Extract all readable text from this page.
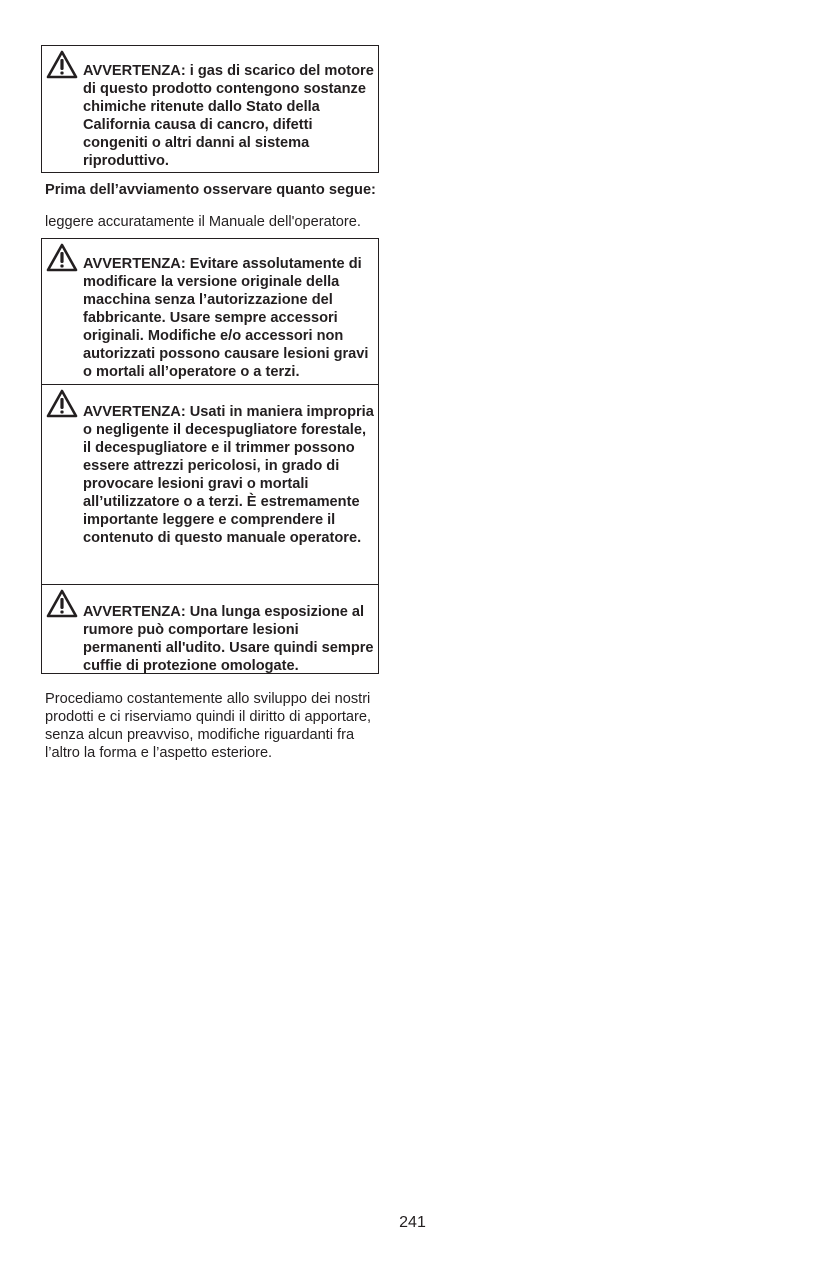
AVVERTENZA: i gas di scarico del motore di questo prodotto contengono sostanze chimiche ritenute dallo Stato della California causa di cancro, difetti congeniti o altri danni al sistema riproduttivo.
Prima dell’avviamento osservare quanto segue:
leggere accuratamente il Manuale dell'operatore.
AVVERTENZA: Evitare assolutamente di modificare la versione originale della macchina senza l’autorizzazione del fabbricante. Usare sempre accessori originali. Modifiche e/o accessori non autorizzati possono causare lesioni gravi o mortali all’operatore o a terzi.
AVVERTENZA: Usati in maniera impropria o negligente il decespugliatore forestale, il decespugliatore e il trimmer possono essere attrezzi pericolosi, in grado di provocare lesioni gravi o mortali all’utilizzatore o a terzi. È estremamente importante leggere e comprendere il contenuto di questo manuale operatore.
AVVERTENZA: Una lunga esposizione al rumore può comportare lesioni permanenti all'udito. Usare quindi sempre cuffie di protezione omologate.
Procediamo costantemente allo sviluppo dei nostri prodotti e ci riserviamo quindi il diritto di apportare, senza alcun preavviso, modifiche riguardanti fra l’altro la forma e l’aspetto esteriore.
241
